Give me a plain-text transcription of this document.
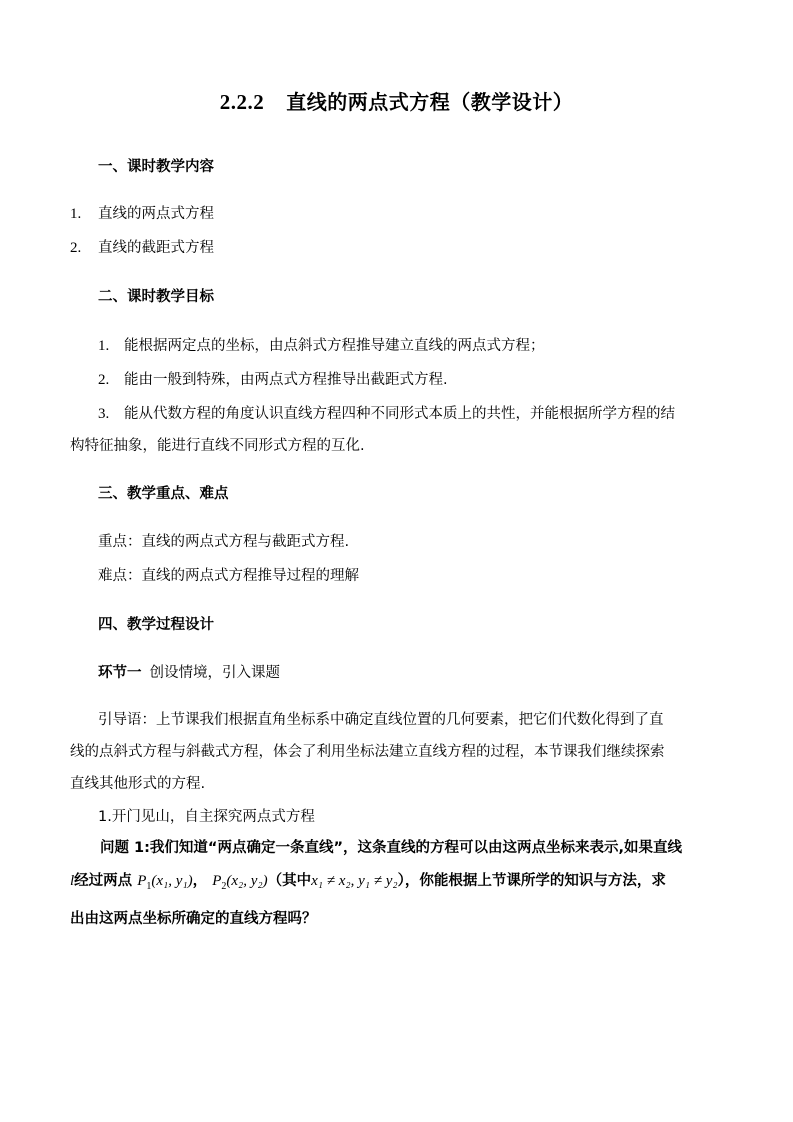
2.2.2 直线的两点式方程（教学设计）
一、课时教学内容
1. 直线的两点式方程
2. 直线的截距式方程
二、课时教学目标
1. 能根据两定点的坐标，由点斜式方程推导建立直线的两点式方程；
2. 能由一般到特殊，由两点式方程推导出截距式方程.
3. 能从代数方程的角度认识直线方程四种不同形式本质上的共性，并能根据所学方程的结
构特征抽象，能进行直线不同形式方程的互化.
三、教学重点、难点
重点：直线的两点式方程与截距式方程.
难点：直线的两点式方程推导过程的理解
四、教学过程设计
环节一 创设情境，引入课题
引导语：上节课我们根据直角坐标系中确定直线位置的几何要素，把它们代数化得到了直
线的点斜式方程与斜截式方程，体会了利用坐标法建立直线方程的过程，本节课我们继续探索
直线其他形式的方程.
1.开门见山，自主探究两点式方程
问题 1:我们知道“两点确定一条直线”，这条直线的方程可以由这两点坐标来表示,如果直线
l经过两点 $P_1(x_1$, y₁)， $P_2(x_2$, y₂)（其中x₁ ≠ x₂, y₁ ≠ y₂），你能根据上节课所学的知识与方法，求
出由这两点坐标所确定的直线方程吗？
